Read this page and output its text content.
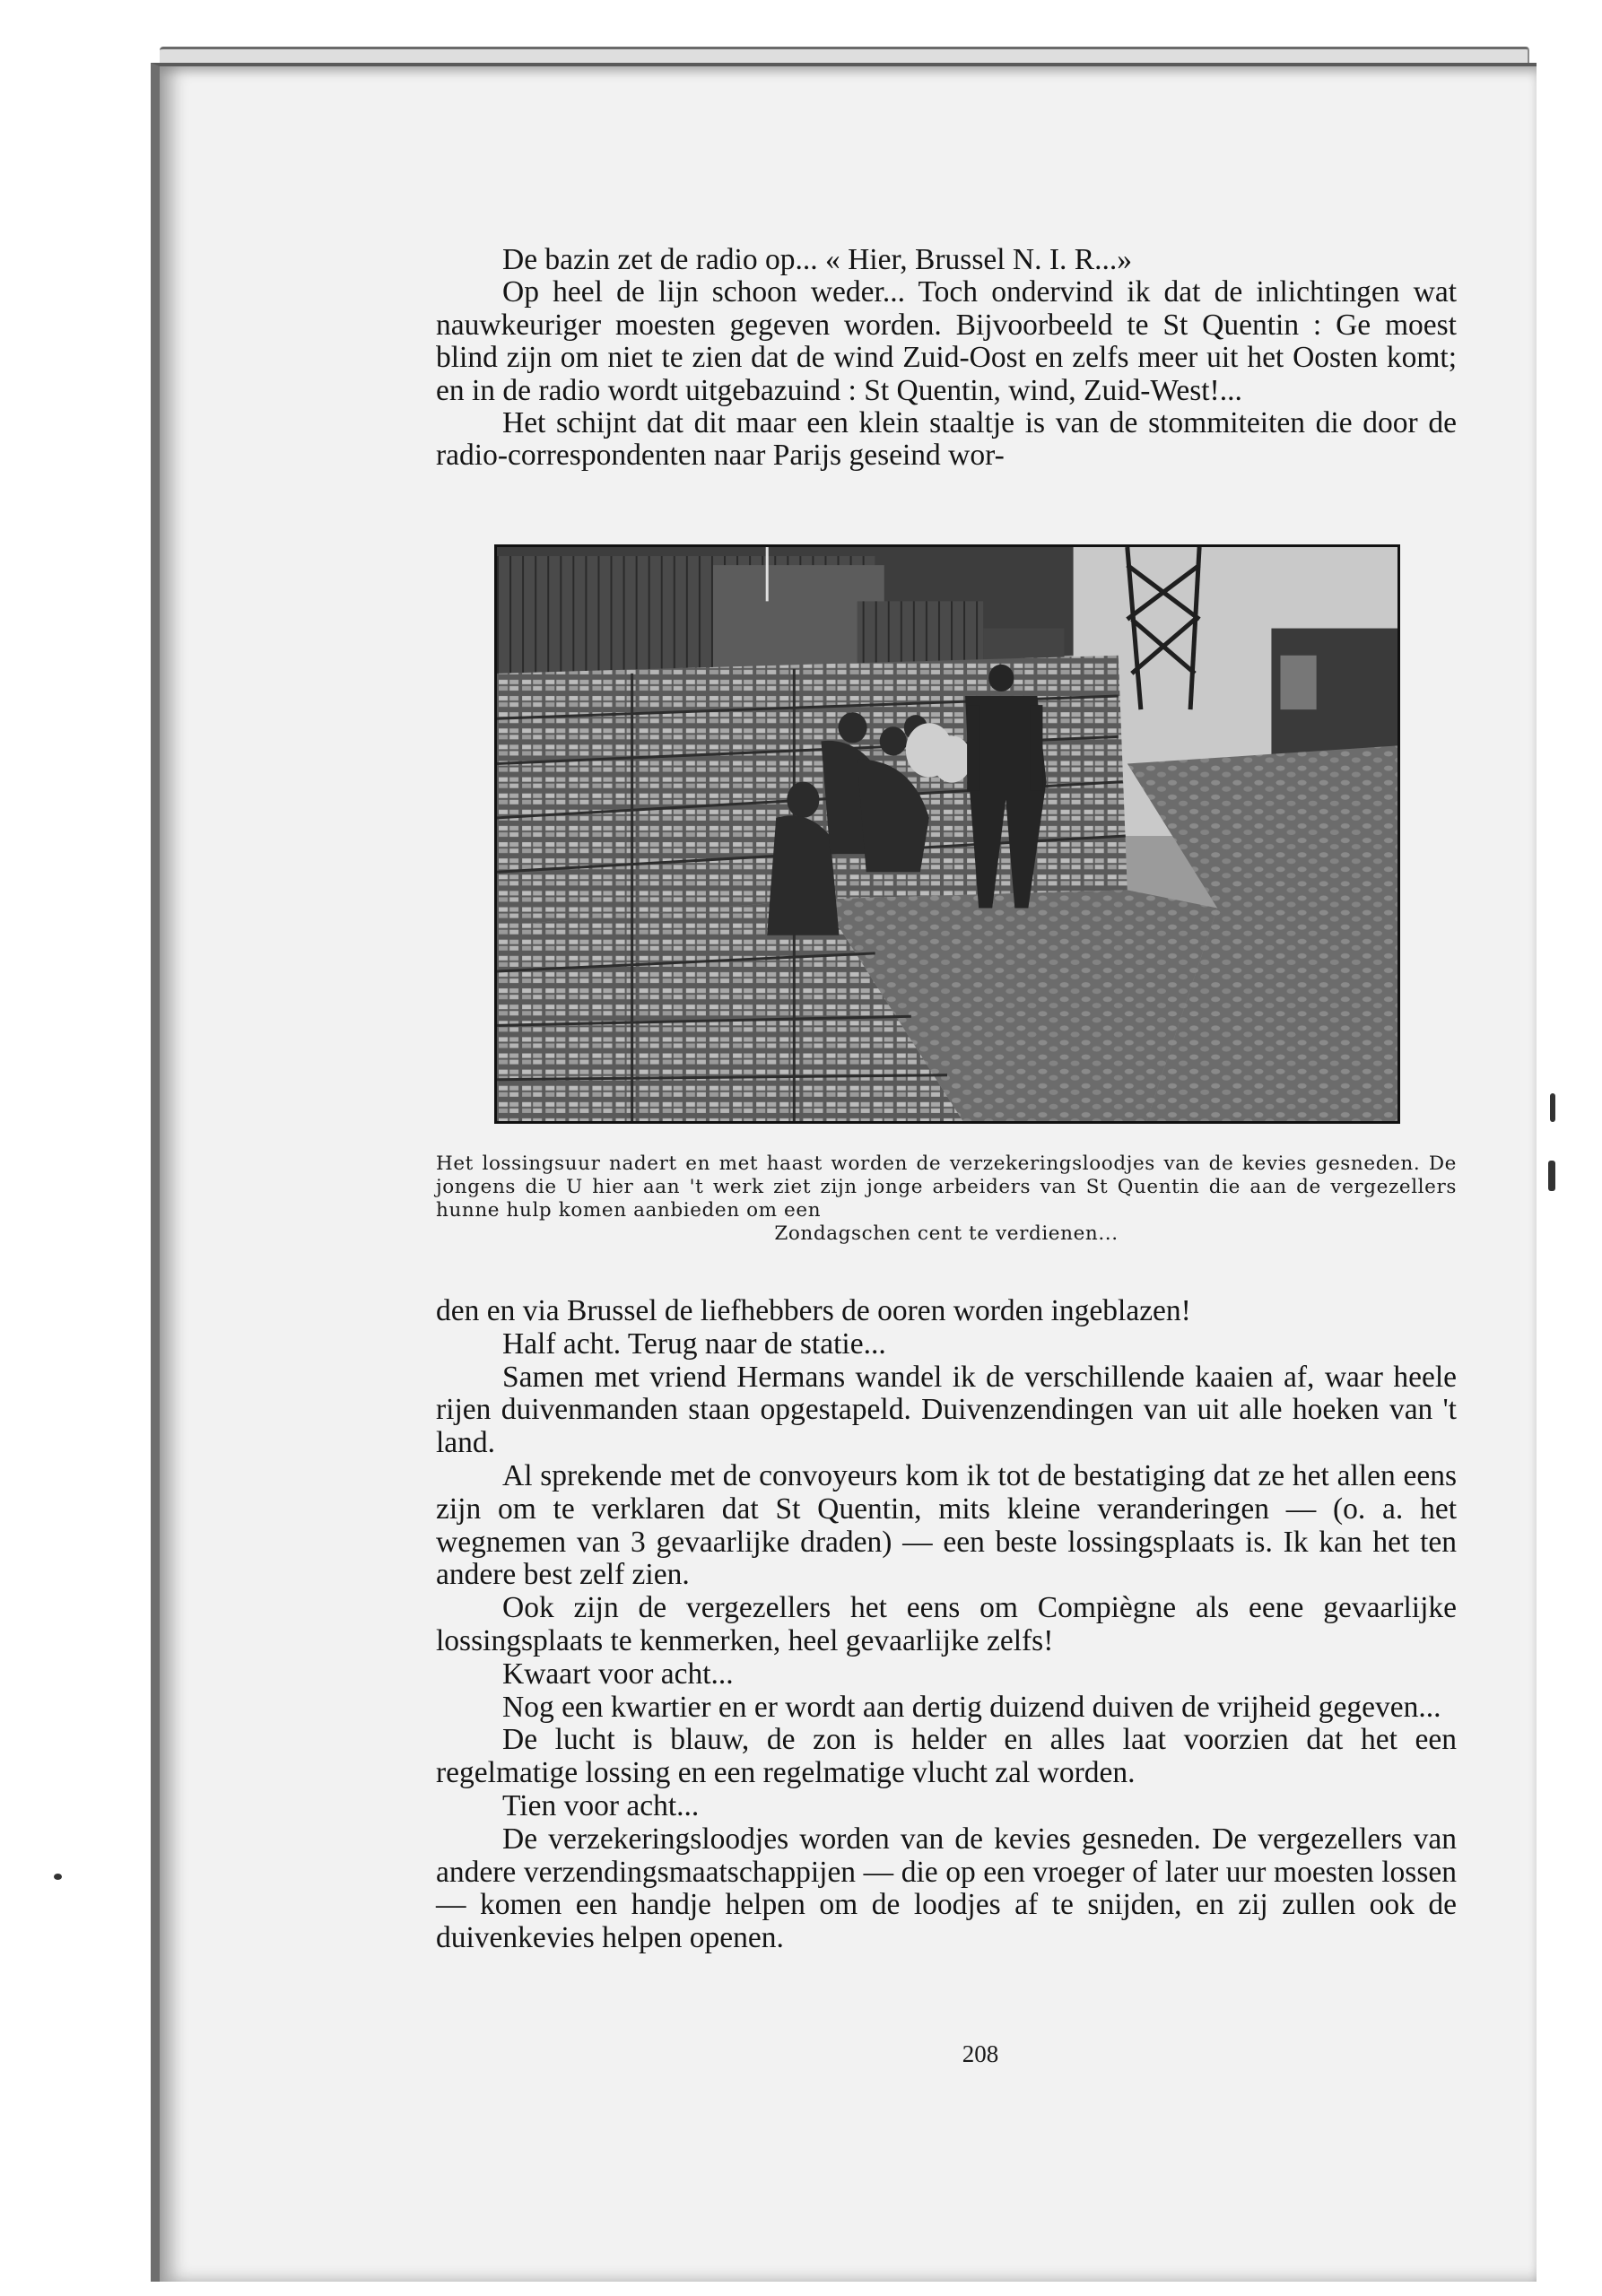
De bazin zet de radio op... « Hier, Brussel N. I. R...»

Op heel de lijn schoon weder... Toch ondervind ik dat de inlichtingen wat nauwkeuriger moesten gegeven worden. Bijvoorbeeld te St Quentin : Ge moest blind zijn om niet te zien dat de wind Zuid-Oost en zelfs meer uit het Oosten komt; en in de radio wordt uitgebazuind : St Quentin, wind, Zuid-West!...

Het schijnt dat dit maar een klein staaltje is van de stommiteiten die door de radio-correspondenten naar Parijs geseind wor-

Het lossingsuur nadert en met haast worden de verzekeringsloodjes van de kevies gesneden. De jongens die U hier aan 't werk ziet zijn jonge arbeiders van St Quentin die aan de vergezellers hunne hulp komen aanbieden om een
Zondagschen cent te verdienen...

den en via Brussel de liefhebbers de ooren worden ingeblazen!

Half acht. Terug naar de statie...

Samen met vriend Hermans wandel ik de verschillende kaaien af, waar heele rijen duivenmanden staan opgestapeld. Duivenzendingen van uit alle hoeken van 't land.

Al sprekende met de convoyeurs kom ik tot de bestatiging dat ze het allen eens zijn om te verklaren dat St Quentin, mits kleine veranderingen — (o. a. het wegnemen van 3 gevaarlijke draden) — een beste lossingsplaats is. Ik kan het ten andere best zelf zien.

Ook zijn de vergezellers het eens om Compiègne als eene gevaarlijke lossingsplaats te kenmerken, heel gevaarlijke zelfs!

Kwaart voor acht...

Nog een kwartier en er wordt aan dertig duizend duiven de vrijheid gegeven...

De lucht is blauw, de zon is helder en alles laat voorzien dat het een regelmatige lossing en een regelmatige vlucht zal worden.

Tien voor acht...

De verzekeringsloodjes worden van de kevies gesneden. De vergezellers van andere verzendingsmaatschappijen — die op een vroeger of later uur moesten lossen — komen een handje helpen om de loodjes af te snijden, en zij zullen ook de duivenkevies helpen openen.

208
